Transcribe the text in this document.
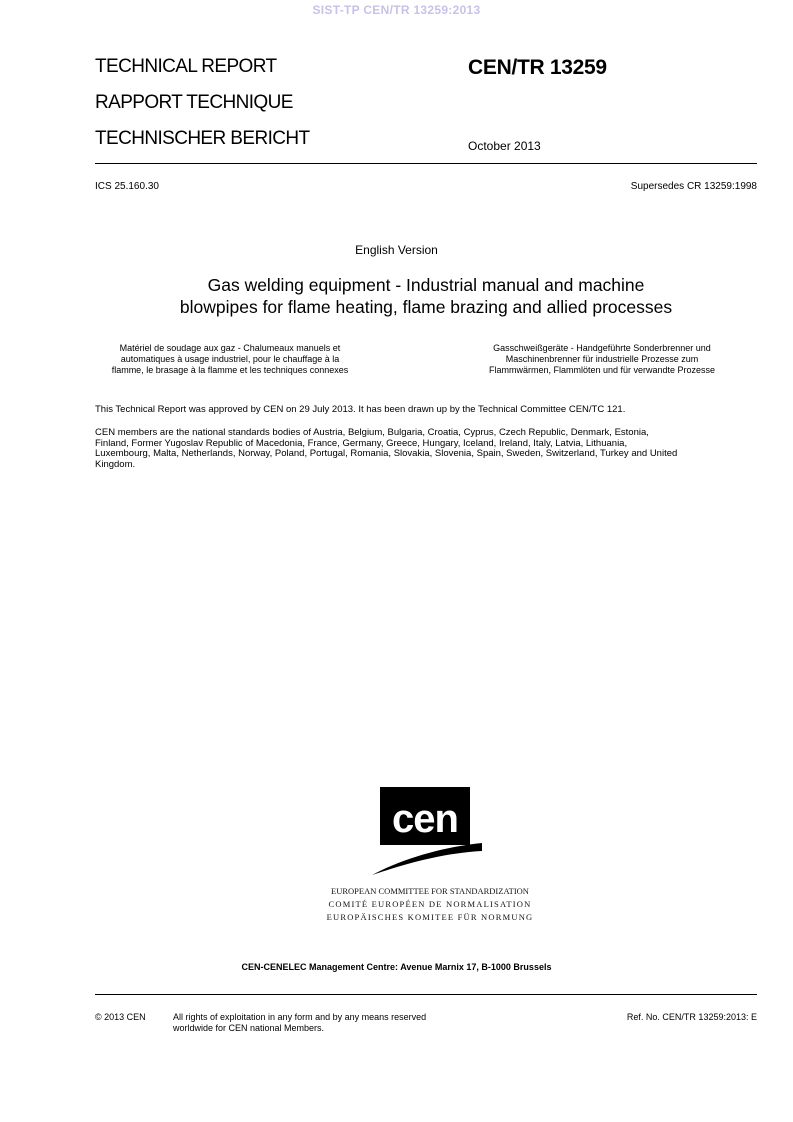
SIST-TP CEN/TR 13259:2013
TECHNICAL REPORT
RAPPORT TECHNIQUE
TECHNISCHER BERICHT
CEN/TR 13259
October 2013
ICS 25.160.30	Supersedes CR 13259:1998
English Version
Gas welding equipment - Industrial manual and machine
blowpipes for flame heating, flame brazing and allied processes
Matériel de soudage aux gaz - Chalumeaux manuels et
automatiques à usage industriel, pour le chauffage à la
flamme, le brasage à la flamme et les techniques connexes
Gasschweißgeräte - Handgeführte Sonderbrenner und
Maschinenbrenner für industrielle Prozesse zum
Flammwärmen, Flammlöten und für verwandte Prozesse
This Technical Report was approved by CEN on 29 July 2013. It has been drawn up by the Technical Committee CEN/TC 121.
CEN members are the national standards bodies of Austria, Belgium, Bulgaria, Croatia, Cyprus, Czech Republic, Denmark, Estonia,
Finland, Former Yugoslav Republic of Macedonia, France, Germany, Greece, Hungary, Iceland, Ireland, Italy, Latvia, Lithuania,
Luxembourg, Malta, Netherlands, Norway, Poland, Portugal, Romania, Slovakia, Slovenia, Spain, Sweden, Switzerland, Turkey and United
Kingdom.
cen
EUROPEAN COMMITTEE FOR STANDARDIZATION
COMITÉ EUROPÉEN DE NORMALISATION
EUROPÄISCHES KOMITEE FÜR NORMUNG
CEN-CENELEC Management Centre: Avenue Marnix 17, B-1000 Brussels
© 2013 CEN	All rights of exploitation in any form and by any means reserved
worldwide for CEN national Members.
Ref. No. CEN/TR 13259:2013: E
